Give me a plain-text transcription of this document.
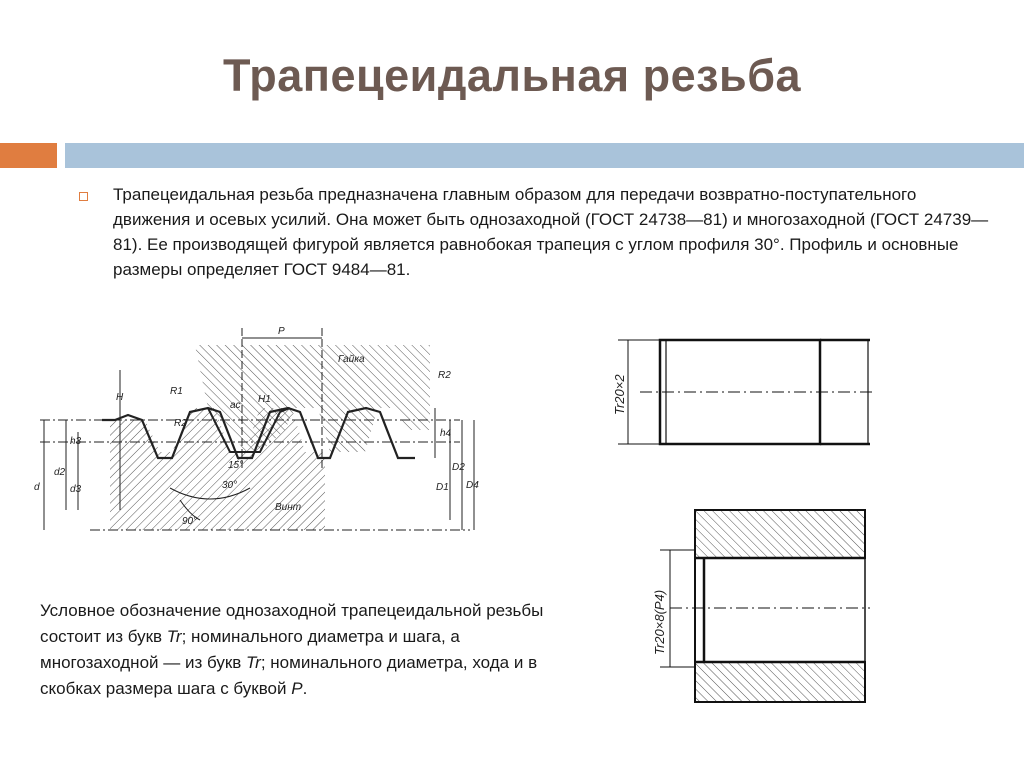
Трапецеидальная резьба
Трапецеидальная резьба предназначена главным образом для передачи возвратно-поступательного движения и осевых усилий. Она может быть однозаходной (ГОСТ 24738—81) и многозаходной (ГОСТ 24739—81). Ее производящей фигурой является равнобокая трапеция с углом профиля 30°. Профиль и основные размеры определяет ГОСТ 9484—81.
P
Гайка
Винт
R1
R2
R2
H	H1
h4
h3
ac
15°
30°
90°
d
d2
d3	D1
D2
D4
Tr20×2
Tr20×8(P4)
Условное обозначение однозаходной трапецеидальной резьбы состоит из букв Tr; номинального диаметра и шага, а многозаходной — из букв Tr; номинального диаметра, хода и в скобках размера шага с буквой P.
